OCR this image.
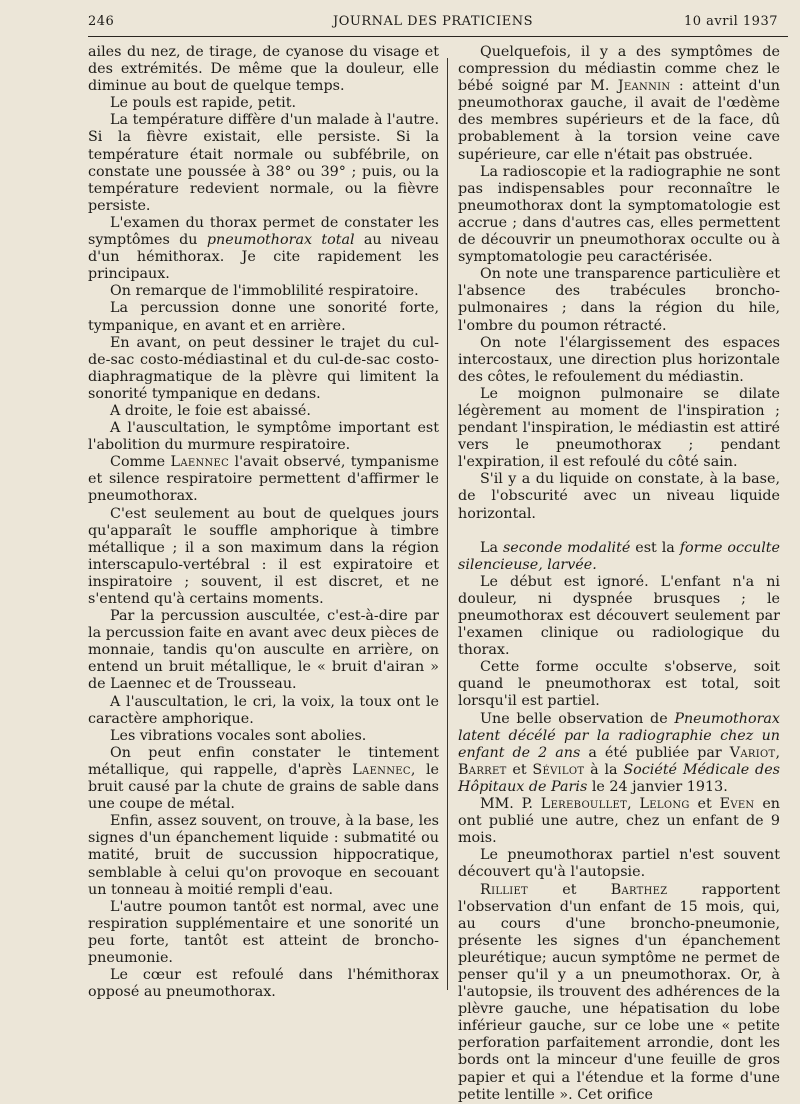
246	JOURNAL DES PRATICIENS	10 avril 1937

ailes du nez, de tirage, de cyanose du visage et des extrémités. De même que la douleur, elle diminue au bout de quelque temps.

Le pouls est rapide, petit.

La température diffère d'un malade à l'autre. Si la fièvre existait, elle persiste. Si la température était normale ou subfébrile, on constate une poussée à 38° ou 39° ; puis, ou la température redevient normale, ou la fièvre persiste.

L'examen du thorax permet de constater les symptômes du pneumothorax total au niveau d'un hémithorax. Je cite rapidement les principaux.

On remarque de l'immoblilité respiratoire.

La percussion donne une sonorité forte, tympanique, en avant et en arrière.

En avant, on peut dessiner le trajet du cul-de-sac costo-médiastinal et du cul-de-sac costo-diaphragmatique de la plèvre qui limitent la sonorité tympanique en dedans.

A droite, le foie est abaissé.

A l'auscultation, le symptôme important est l'abolition du murmure respiratoire.

Comme Laennec l'avait observé, tympanisme et silence respiratoire permettent d'affirmer le pneumothorax.

C'est seulement au bout de quelques jours qu'apparaît le souffle amphorique à timbre métallique ; il a son maximum dans la région interscapulo-vertébral : il est expiratoire et inspiratoire ; souvent, il est discret, et ne s'entend qu'à certains moments.

Par la percussion auscultée, c'est-à-dire par la percussion faite en avant avec deux pièces de monnaie, tandis qu'on ausculte en arrière, on entend un bruit métallique, le « bruit d'airan » de Laennec et de Trousseau.

A l'auscultation, le cri, la voix, la toux ont le caractère amphorique.

Les vibrations vocales sont abolies.

On peut enfin constater le tintement métallique, qui rappelle, d'après Laennec, le bruit causé par la chute de grains de sable dans une coupe de métal.

Enfin, assez souvent, on trouve, à la base, les signes d'un épanchement liquide : submatité ou matité, bruit de succussion hippocratique, semblable à celui qu'on provoque en secouant un tonneau à moitié rempli d'eau.

L'autre poumon tantôt est normal, avec une respiration supplémentaire et une sonorité un peu forte, tantôt est atteint de broncho-pneumonie.

Le cœur est refoulé dans l'hémithorax opposé au pneumothorax.

Quelquefois, il y a des symptômes de compression du médiastin comme chez le bébé soigné par M. Jeannin : atteint d'un pneumothorax gauche, il avait de l'œdème des membres supérieurs et de la face, dû probablement à la torsion veine cave supérieure, car elle n'était pas obstruée.

La radioscopie et la radiographie ne sont pas indispensables pour reconnaître le pneumothorax dont la symptomatologie est accrue ; dans d'autres cas, elles permettent de découvrir un pneumothorax occulte ou à symptomatologie peu caractérisée.

On note une transparence particulière et l'absence des trabécules broncho-pulmonaires ; dans la région du hile, l'ombre du poumon rétracté.

On note l'élargissement des espaces intercostaux, une direction plus horizontale des côtes, le refoulement du médiastin.

Le moignon pulmonaire se dilate légèrement au moment de l'inspiration ; pendant l'inspiration, le médiastin est attiré vers le pneumothorax ; pendant l'expiration, il est refoulé du côté sain.

S'il y a du liquide on constate, à la base, de l'obscurité avec un niveau liquide horizontal.

La seconde modalité est la forme occulte silencieuse, larvée.

Le début est ignoré. L'enfant n'a ni douleur, ni dyspnée brusques ; le pneumothorax est découvert seulement par l'examen clinique ou radiologique du thorax.

Cette forme occulte s'observe, soit quand le pneumothorax est total, soit lorsqu'il est partiel.

Une belle observation de Pneumothorax latent décélé par la radiographie chez un enfant de 2 ans a été publiée par Variot, Barret et Sévilot à la Société Médicale des Hôpitaux de Paris le 24 janvier 1913.

MM. P. Lereboullet, Lelong et Even en ont publié une autre, chez un enfant de 9 mois.

Le pneumothorax partiel n'est souvent découvert qu'à l'autopsie.

Rilliet et Barthez rapportent l'observation d'un enfant de 15 mois, qui, au cours d'une broncho-pneumonie, présente les signes d'un épanchement pleurétique; aucun symptôme ne permet de penser qu'il y a un pneumothorax. Or, à l'autopsie, ils trouvent des adhérences de la plèvre gauche, une hépatisation du lobe inférieur gauche, sur ce lobe une « petite perforation parfaitement arrondie, dont les bords ont la minceur d'une feuille de gros papier et qui a l'étendue et la forme d'une petite lentille ». Cet orifice
